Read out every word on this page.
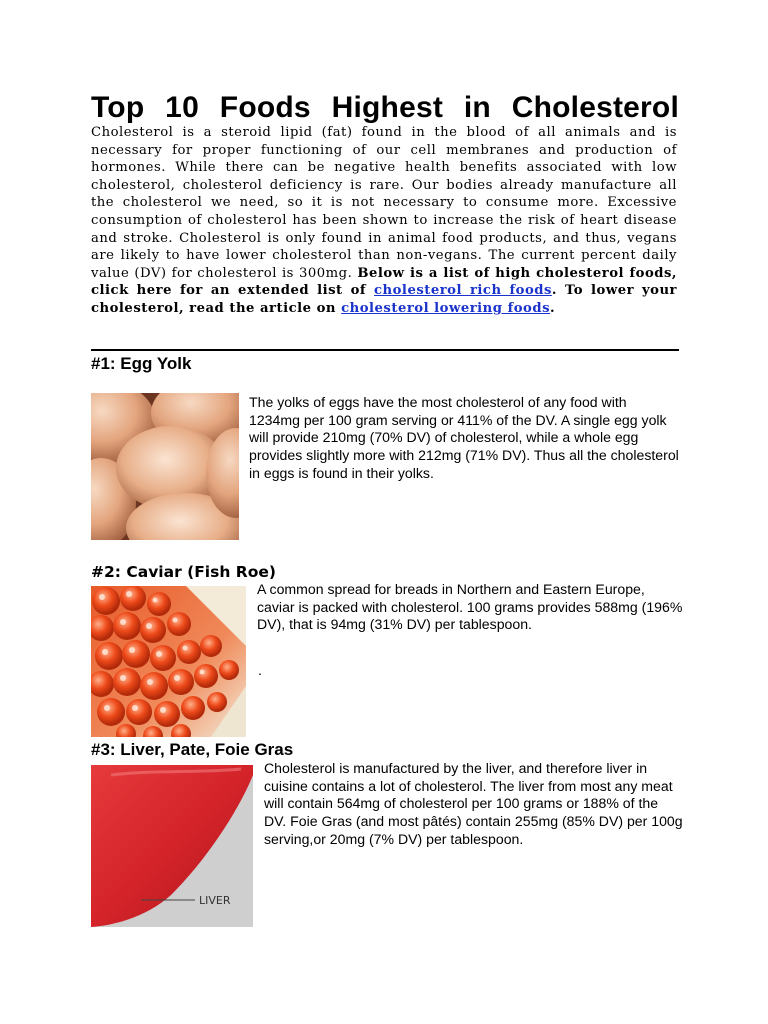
Top 10 Foods Highest in Cholesterol
Cholesterol is a steroid lipid (fat) found in the blood of all animals and is necessary for proper functioning of our cell membranes and production of hormones. While there can be negative health benefits associated with low cholesterol, cholesterol deficiency is rare. Our bodies already manufacture all the cholesterol we need, so it is not necessary to consume more. Excessive consumption of cholesterol has been shown to increase the risk of heart disease and stroke. Cholesterol is only found in animal food products, and thus, vegans are likely to have lower cholesterol than non-vegans. The current percent daily value (DV) for cholesterol is 300mg. Below is a list of high cholesterol foods, click here for an extended list of cholesterol rich foods. To lower your cholesterol, read the article on cholesterol lowering foods.
#1: Egg Yolk
The yolks of eggs have the most cholesterol of any food with 1234mg per 100 gram serving or 411% of the DV. A single egg yolk will provide 210mg (70% DV) of cholesterol, while a whole egg provides slightly more with 212mg (71% DV). Thus all the cholesterol in eggs is found in their yolks.
#2: Caviar (Fish Roe)
A common spread for breads in Northern and Eastern Europe, caviar is packed with cholesterol. 100 grams provides 588mg (196% DV), that is 94mg (31% DV) per tablespoon.
.
#3: Liver, Pate, Foie Gras
LIVER
Cholesterol is manufactured by the liver, and therefore liver in cuisine contains a lot of cholesterol. The liver from most any meat will contain 564mg of cholesterol per 100 grams or 188% of the DV. Foie Gras (and most pâtés) contain 255mg (85% DV) per 100g serving,or 20mg (7% DV) per tablespoon.
